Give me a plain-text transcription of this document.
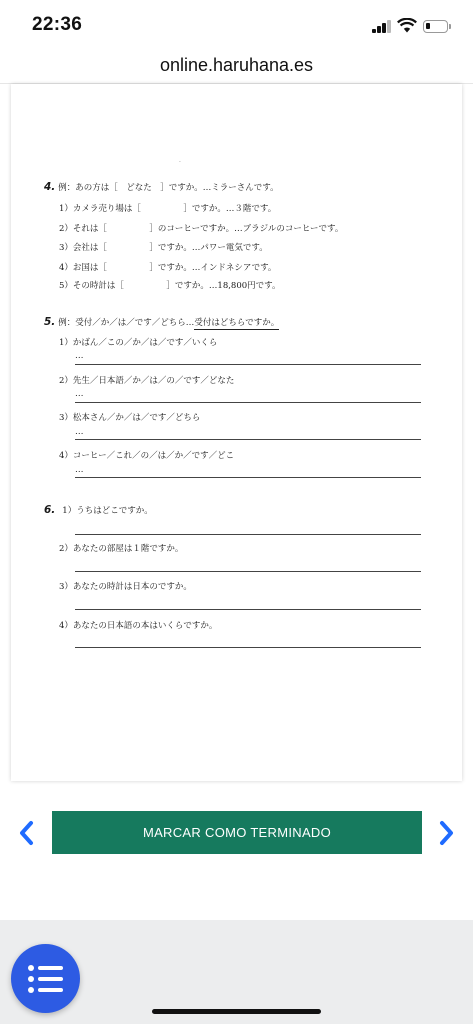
22:36
online.haruhana.es
·
4. 例：あの方は［　どなた　］ですか。…ミラーさんです。
1）カメラ売り場は［　　　　　］ですか。…３階です。
2）それは［　　　　　］のコーヒーですか。…ブラジルのコーヒーです。
3）会社は［　　　　　］ですか。…パワー電気です。
4）お国は［　　　　　］ですか。…インドネシアです。
5）その時計は［　　　　　］ですか。…18,800円です。
5. 例：受付／か／は／です／どちら…受付はどちらですか。
1）かばん／この／か／は／です／いくら
…
2）先生／日本語／か／は／の／です／どなた
…
3）松本さん／か／は／です／どちら
…
4）コーヒー／これ／の／は／か／です／どこ
…
6. 1）うちはどこですか。
2）あなたの部屋は１階ですか。
3）あなたの時計は日本のですか。
4）あなたの日本語の本はいくらですか。
MARCAR COMO TERMINADO
